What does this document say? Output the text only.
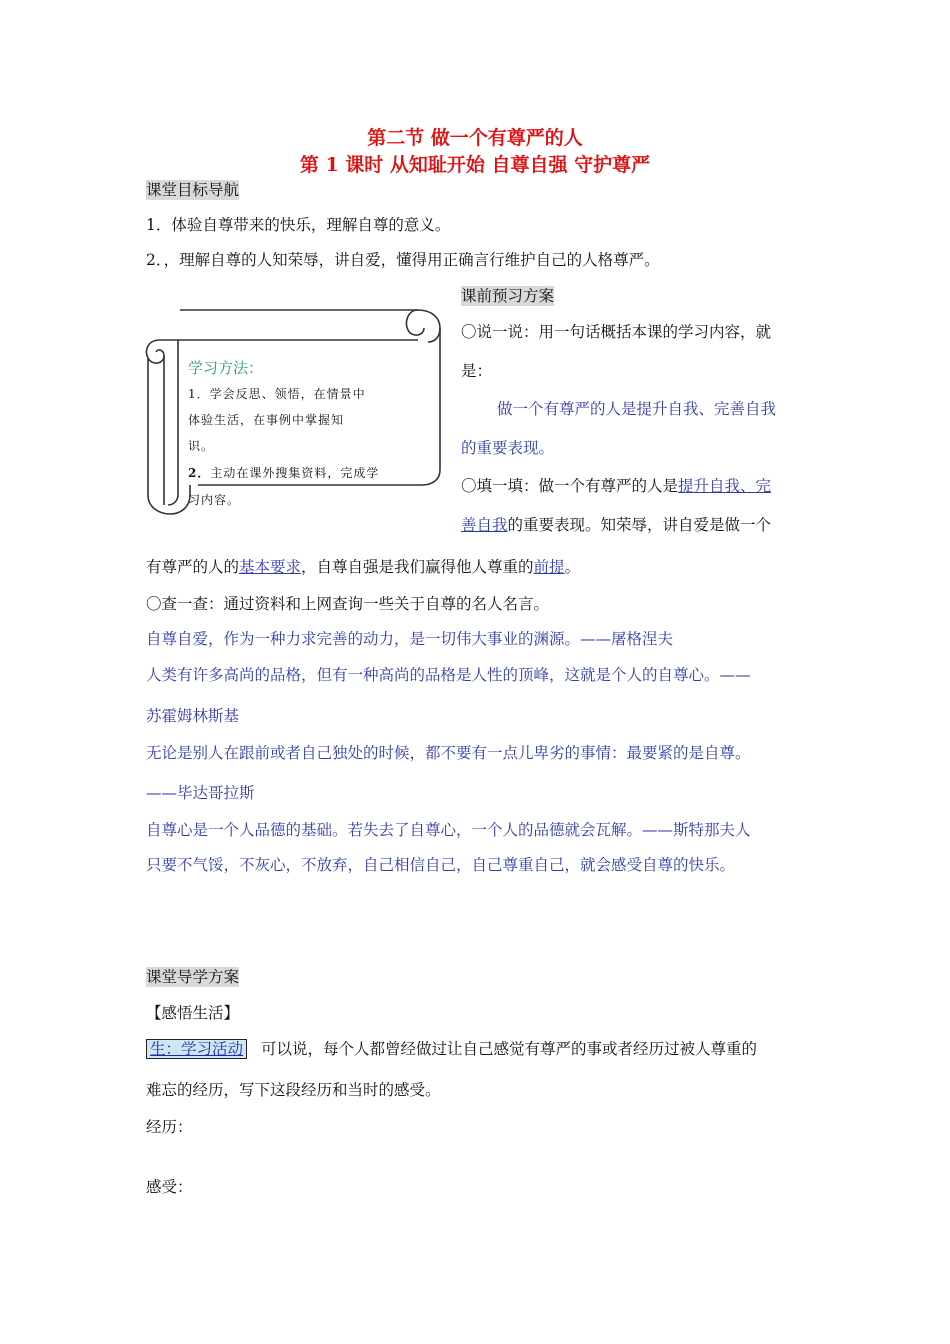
第二节 做一个有尊严的人
第 1 课时 从知耻开始 自尊自强 守护尊严
课堂目标导航
1．体验自尊带来的快乐，理解自尊的意义。
2．，理解自尊的人知荣辱，讲自爱，懂得用正确言行维护自己的人格尊严。
学习方法：
1．学会反思、领悟，在情景中
体验生活，在事例中掌握知
识。
2．主动在课外搜集资料，完成学
习内容。
课前预习方案
〇说一说：用一句话概括本课的学习内容，就
是：
做一个有尊严的人是提升自我、完善自我
的重要表现。
〇填一填：做一个有尊严的人是提升自我、完
善自我的重要表现。知荣辱，讲自爱是做一个
有尊严的人的基本要求，自尊自强是我们赢得他人尊重的前提。
〇查一查：通过资料和上网查询一些关于自尊的名人名言。
自尊自爱，作为一种力求完善的动力，是一切伟大事业的渊源。——屠格涅夫
人类有许多高尚的品格，但有一种高尚的品格是人性的顶峰，这就是个人的自尊心。——
苏霍姆林斯基
无论是别人在跟前或者自己独处的时候，都不要有一点儿卑劣的事情：最要紧的是自尊。
——毕达哥拉斯
自尊心是一个人品德的基础。若失去了自尊心，一个人的品德就会瓦解。——斯特那夫人
只要不气馁，不灰心，不放弃，自己相信自己，自己尊重自己，就会感受自尊的快乐。
课堂导学方案
【感悟生活】
生：学习活动 可以说，每个人都曾经做过让自己感觉有尊严的事或者经历过被人尊重的
难忘的经历，写下这段经历和当时的感受。
经历：
感受：
